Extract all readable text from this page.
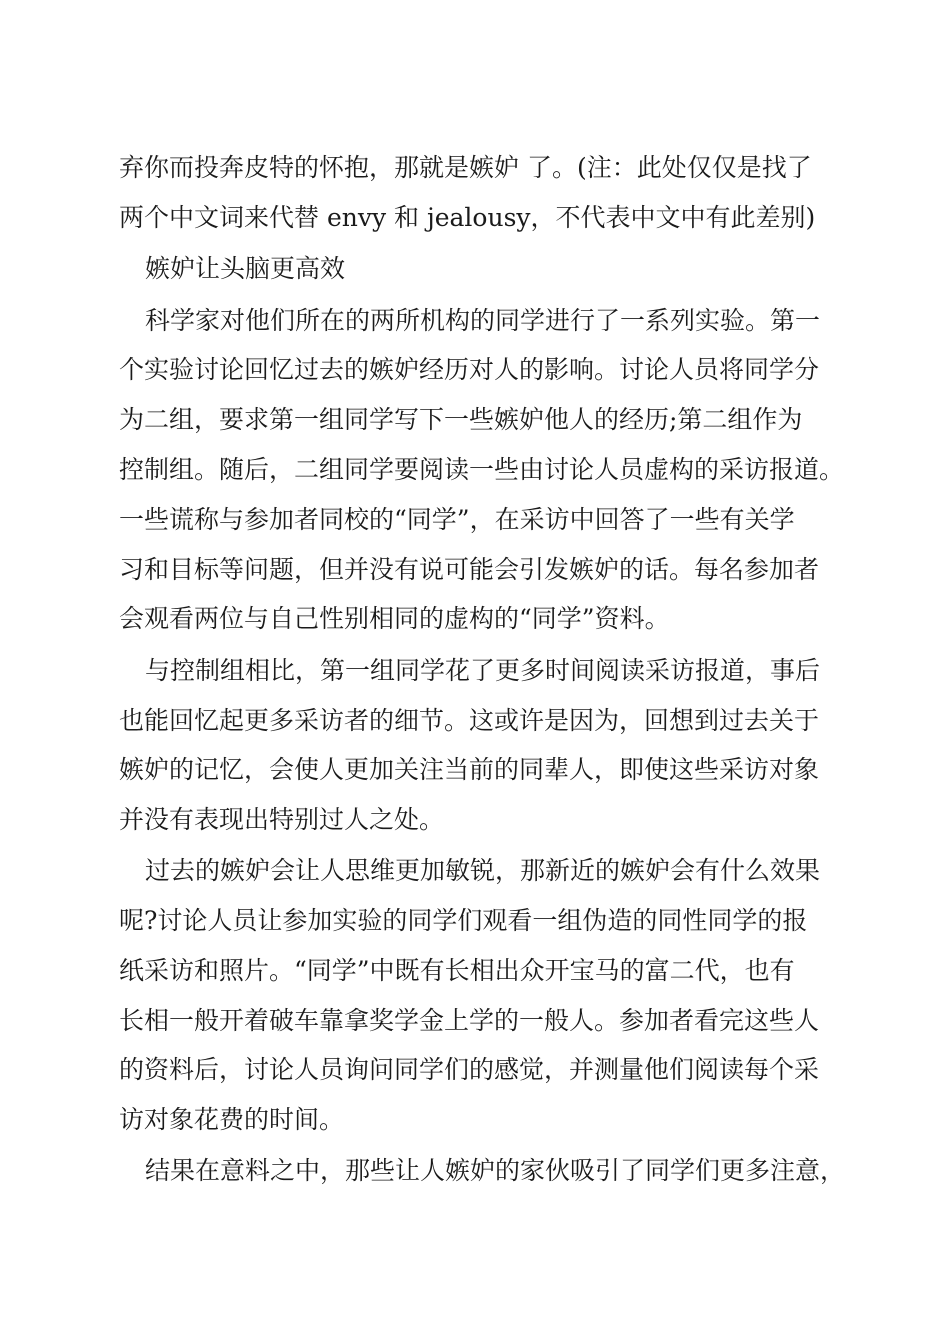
弃你而投奔皮特的怀抱，那就是嫉妒 了。(注：此处仅仅是找了
两个中文词来代替 envy 和 jealousy，不代表中文中有此差别)
嫉妒让头脑更高效
科学家对他们所在的两所机构的同学进行了一系列实验。第一
个实验讨论回忆过去的嫉妒经历对人的影响。讨论人员将同学分
为二组，要求第一组同学写下一些嫉妒他人的经历;第二组作为
控制组。随后，二组同学要阅读一些由讨论人员虚构的采访报道。
一些谎称与参加者同校的“同学”，在采访中回答了一些有关学
习和目标等问题，但并没有说可能会引发嫉妒的话。每名参加者
会观看两位与自己性别相同的虚构的“同学”资料。
与控制组相比，第一组同学花了更多时间阅读采访报道，事后
也能回忆起更多采访者的细节。这或许是因为，回想到过去关于
嫉妒的记忆，会使人更加关注当前的同辈人，即使这些采访对象
并没有表现出特别过人之处。
过去的嫉妒会让人思维更加敏锐，那新近的嫉妒会有什么效果
呢?讨论人员让参加实验的同学们观看一组伪造的同性同学的报
纸采访和照片。“同学”中既有长相出众开宝马的富二代，也有
长相一般开着破车靠拿奖学金上学的一般人。参加者看完这些人
的资料后，讨论人员询问同学们的感觉，并测量他们阅读每个采
访对象花费的时间。
结果在意料之中，那些让人嫉妒的家伙吸引了同学们更多注意，
